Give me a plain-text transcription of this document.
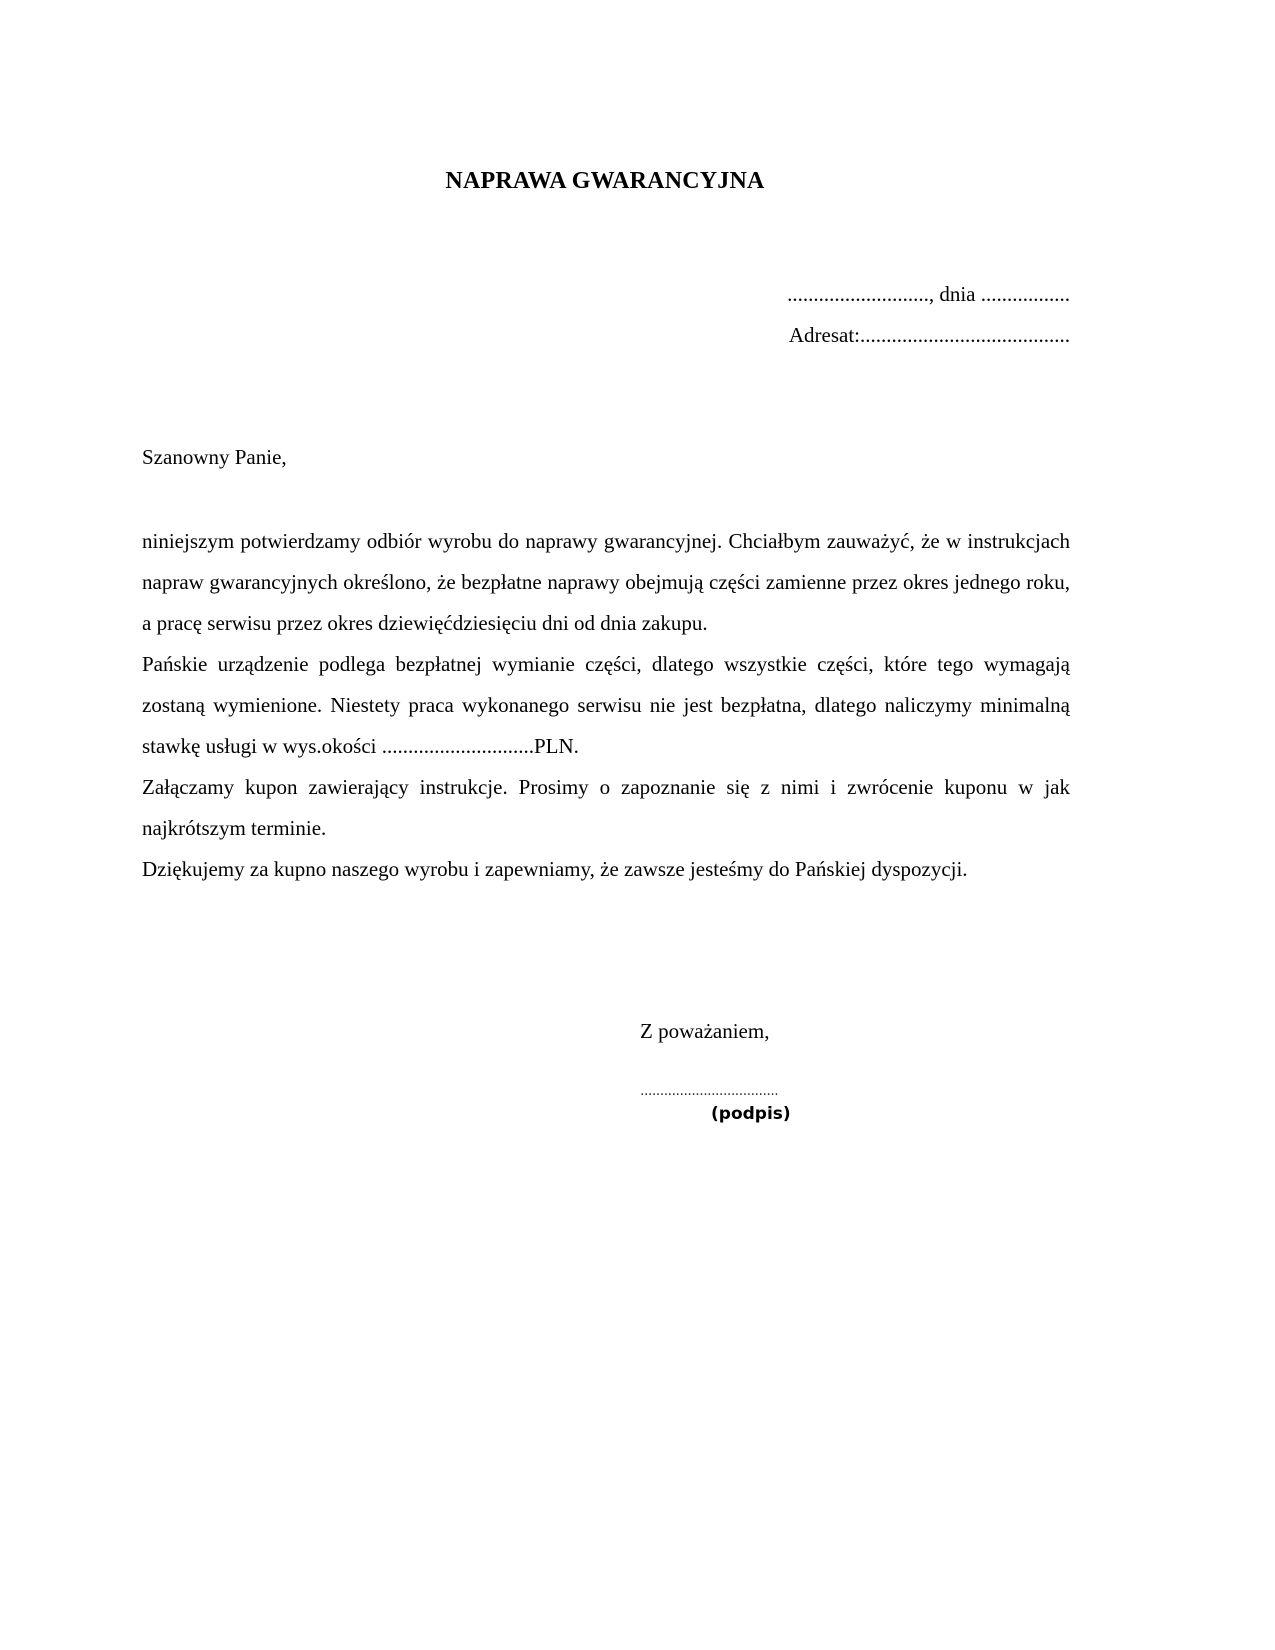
NAPRAWA GWARANCYJNA
..........................., dnia .................
Adresat:........................................
Szanowny Panie,

niniejszym potwierdzamy odbiór wyrobu do naprawy gwarancyjnej. Chciałbym zauważyć, że w instrukcjach napraw gwarancyjnych określono, że bezpłatne naprawy obejmują części zamienne przez okres jednego roku, a pracę serwisu przez okres dziewięćdziesięciu dni od dnia zakupu.

Pańskie urządzenie podlega bezpłatnej wymianie części, dlatego wszystkie części, które tego wymagają zostaną wymienione. Niestety praca wykonanego serwisu nie jest bezpłatna, dlatego naliczymy minimalną stawkę usługi w wys.okości .............................PLN.

Załączamy kupon zawierający instrukcje. Prosimy o zapoznanie się z nimi i zwrócenie kuponu w jak najkrótszym terminie.

Dziękujemy za kupno naszego wyrobu i zapewniamy, że zawsze jesteśmy do Pańskiej dyspozycji.

Z poważaniem,
...................................
(podpis)
